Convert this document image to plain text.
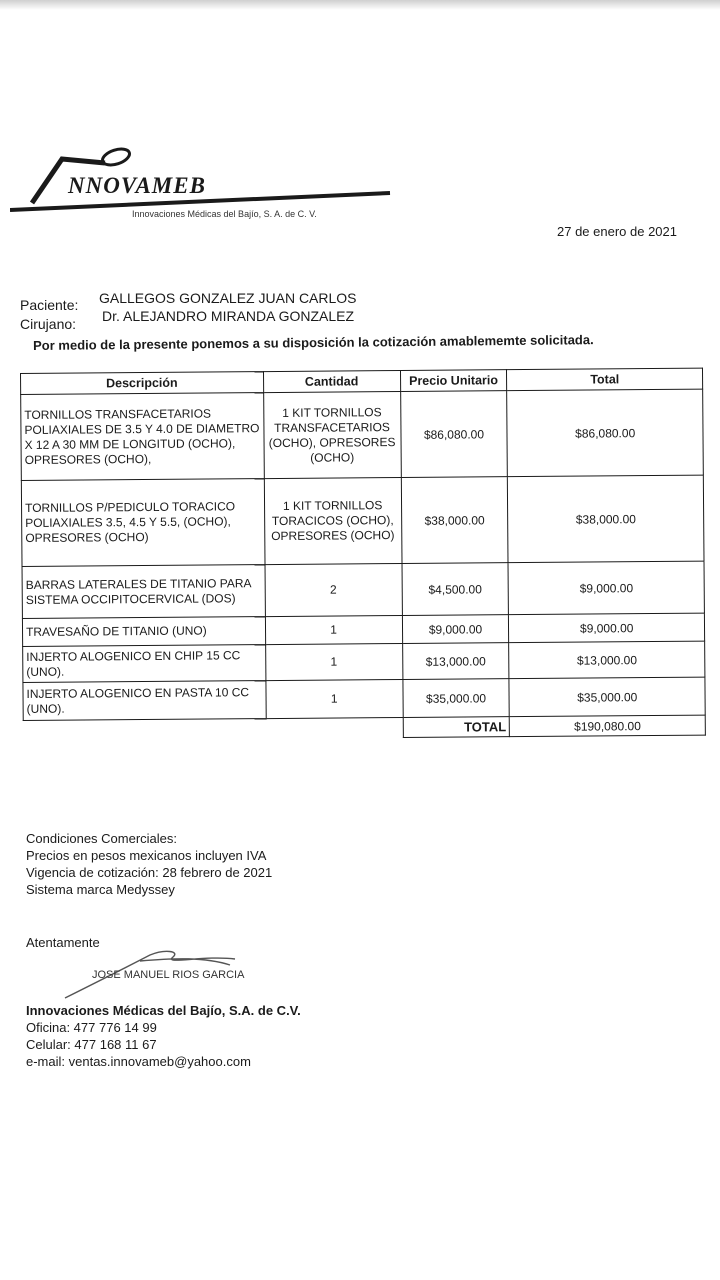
NNOVAMEB
Innovaciones Médicas del Bajío, S. A. de C. V.
27 de enero de 2021
Paciente: GALLEGOS GONZALEZ JUAN CARLOS
Cirujano: Dr. ALEJANDRO MIRANDA GONZALEZ
Por medio de la presente ponemos a su disposición la cotización amablememte solicitada.
Descripción	Cantidad	Precio Unitario	Total
TORNILLOS TRANSFACETARIOS POLIAXIALES DE 3.5 Y 4.0 DE DIAMETRO X 12 A 30 MM DE LONGITUD (OCHO), OPRESORES (OCHO),	1 KIT TORNILLOS TRANSFACETARIOS (OCHO), OPRESORES (OCHO)	$86,080.00	$86,080.00
TORNILLOS P/PEDICULO TORACICO POLIAXIALES 3.5, 4.5 Y 5.5, (OCHO), OPRESORES (OCHO)	1 KIT TORNILLOS TORACICOS (OCHO), OPRESORES (OCHO)	$38,000.00	$38,000.00
BARRAS LATERALES DE TITANIO PARA SISTEMA OCCIPITOCERVICAL (DOS)	2	$4,500.00	$9,000.00
TRAVESAÑO DE TITANIO (UNO)	1	$9,000.00	$9,000.00
INJERTO ALOGENICO EN CHIP 15 CC (UNO).	1	$13,000.00	$13,000.00
INJERTO ALOGENICO EN PASTA 10 CC (UNO).	1	$35,000.00	$35,000.00
		TOTAL	$190,080.00
Condiciones Comerciales:
Precios en pesos mexicanos incluyen IVA
Vigencia de cotización: 28 febrero de 2021
Sistema marca Medyssey
Atentamente
JOSE MANUEL RIOS GARCIA
Innovaciones Médicas del Bajío, S.A. de C.V.
Oficina: 477 776 14 99
Celular: 477 168 11 67
e-mail: ventas.innovameb@yahoo.com
